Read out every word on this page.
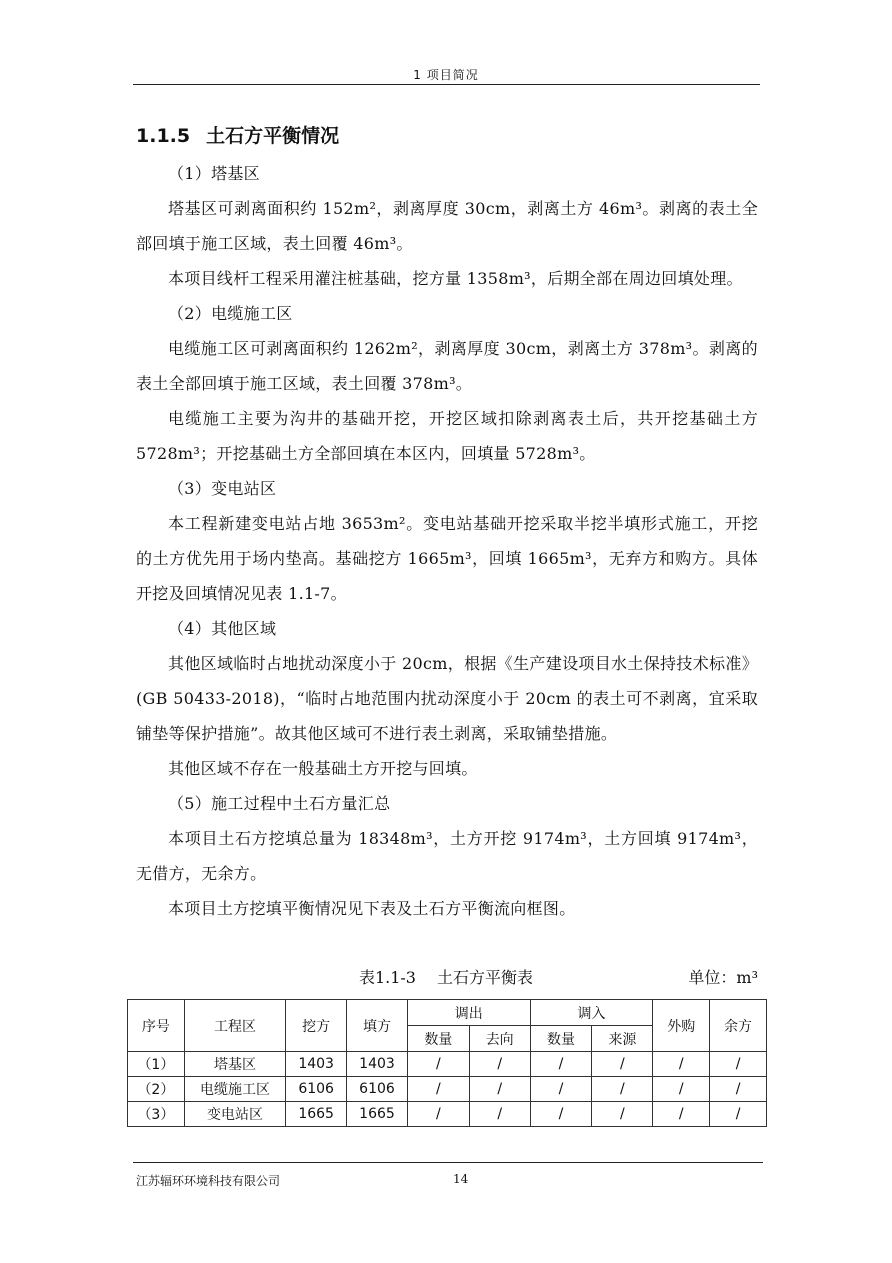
1 项目简况
1.1.5 土石方平衡情况

（1）塔基区

塔基区可剥离面积约 152m²，剥离厚度 30cm，剥离土方 46m³。剥离的表土全部回填于施工区域，表土回覆 46m³。

本项目线杆工程采用灌注桩基础，挖方量 1358m³，后期全部在周边回填处理。

（2）电缆施工区

电缆施工区可剥离面积约 1262m²，剥离厚度 30cm，剥离土方 378m³。剥离的表土全部回填于施工区域，表土回覆 378m³。

电缆施工主要为沟井的基础开挖，开挖区域扣除剥离表土后，共开挖基础土方 5728m³；开挖基础土方全部回填在本区内，回填量 5728m³。

（3）变电站区

本工程新建变电站占地 3653m²。变电站基础开挖采取半挖半填形式施工，开挖的土方优先用于场内垫高。基础挖方 1665m³，回填 1665m³，无弃方和购方。具体开挖及回填情况见表 1.1-7。

（4）其他区域

其他区域临时占地扰动深度小于 20cm，根据《生产建设项目水土保持技术标准》(GB 50433-2018)，“临时占地范围内扰动深度小于 20cm 的表土可不剥离，宜采取铺垫等保护措施”。故其他区域可不进行表土剥离，采取铺垫措施。

其他区域不存在一般基础土方开挖与回填。

（5）施工过程中土石方量汇总

本项目土石方挖填总量为 18348m³，土方开挖 9174m³，土方回填 9174m³，无借方，无余方。

本项目土方挖填平衡情况见下表及土石方平衡流向框图。

表1.1-3　 土石方平衡表	单位：m³
序号	工程区	挖方	填方	调出		调入		外购	余方
				数量	去向	数量	来源		
（1）	塔基区	1403	1403	/	/	/	/	/	/
（2）	电缆施工区	6106	6106	/	/	/	/	/	/
（3）	变电站区	1665	1665	/	/	/	/	/	/
江苏辐环环境科技有限公司	14
